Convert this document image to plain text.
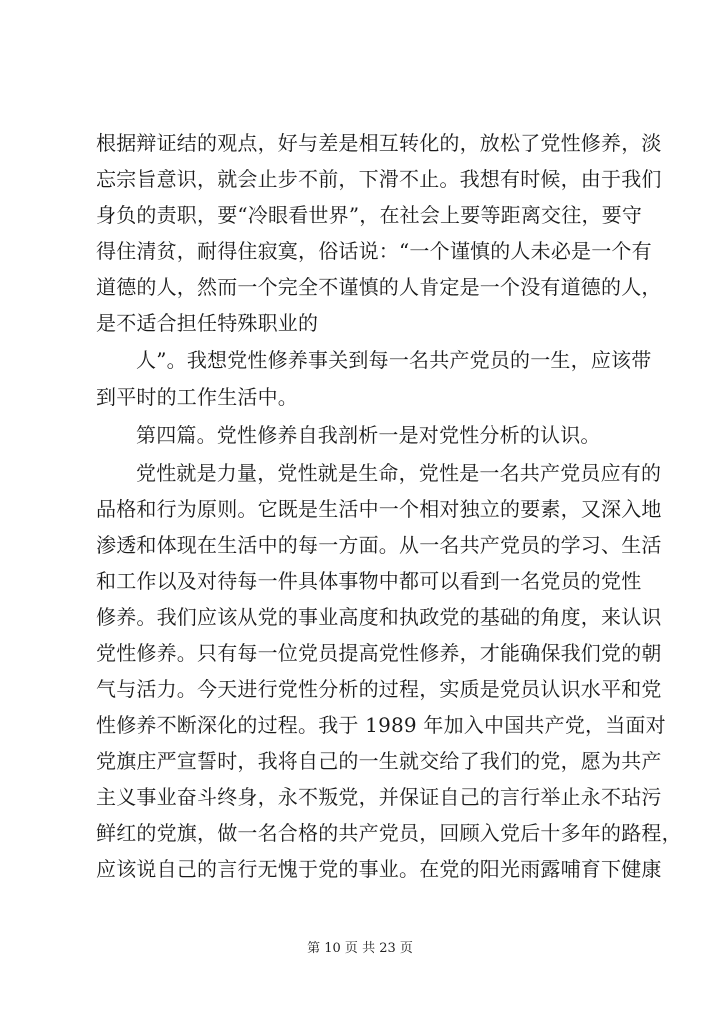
根据辩证结的观点，好与差是相互转化的，放松了党性修养，淡
忘宗旨意识，就会止步不前，下滑不止。我想有时候，由于我们
身负的责职，要“冷眼看世界”，在社会上要等距离交往，要守
得住清贫，耐得住寂寞，俗话说：“一个谨慎的人未必是一个有
道德的人，然而一个完全不谨慎的人肯定是一个没有道德的人，
是不适合担任特殊职业的
人”。我想党性修养事关到每一名共产党员的一生，应该带
到平时的工作生活中。
第四篇。党性修养自我剖析一是对党性分析的认识。
党性就是力量，党性就是生命，党性是一名共产党员应有的
品格和行为原则。它既是生活中一个相对独立的要素，又深入地
渗透和体现在生活中的每一方面。从一名共产党员的学习、生活
和工作以及对待每一件具体事物中都可以看到一名党员的党性
修养。我们应该从党的事业高度和执政党的基础的角度，来认识
党性修养。只有每一位党员提高党性修养，才能确保我们党的朝
气与活力。今天进行党性分析的过程，实质是党员认识水平和党
性修养不断深化的过程。我于 1989 年加入中国共产党，当面对
党旗庄严宣誓时，我将自己的一生就交给了我们的党，愿为共产
主义事业奋斗终身，永不叛党，并保证自己的言行举止永不玷污
鲜红的党旗，做一名合格的共产党员，回顾入党后十多年的路程，
应该说自己的言行无愧于党的事业。在党的阳光雨露哺育下健康
第 10 页 共 23 页
